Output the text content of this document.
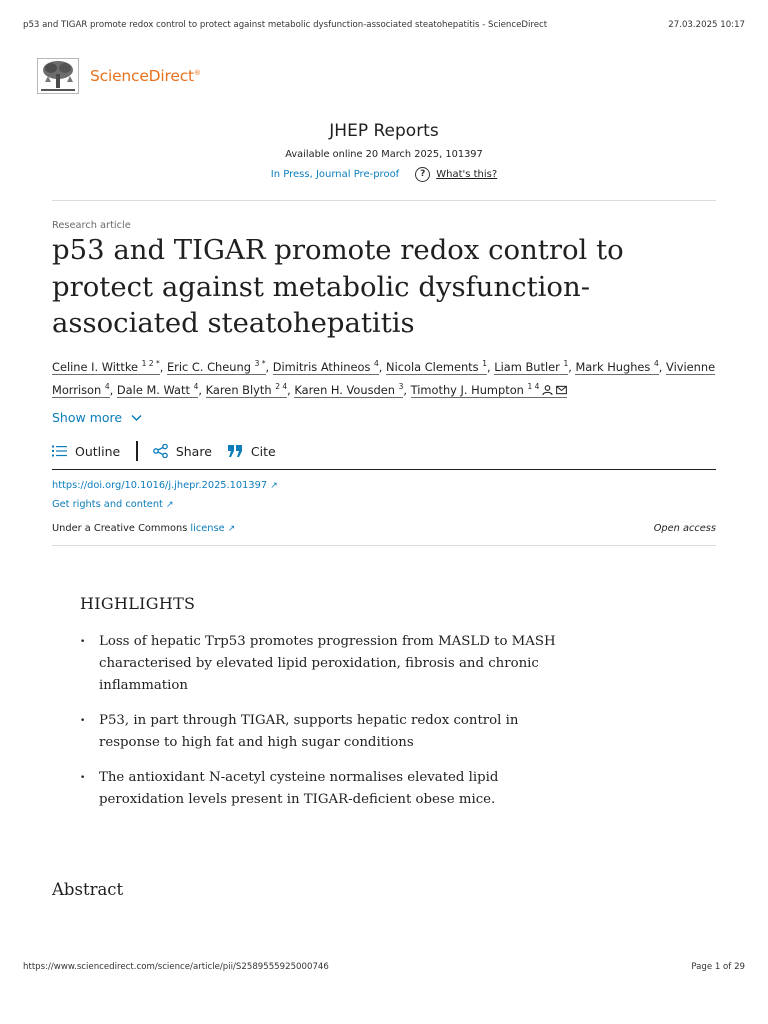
p53 and TIGAR promote redox control to protect against metabolic dysfunction-associated steatohepatitis - ScienceDirect	27.03.2025 10:17
ScienceDirect®
JHEP Reports
Available online 20 March 2025, 101397
In Press, Journal Pre-proof	?	What's this?
Research article
p53 and TIGAR promote redox control to protect against metabolic dysfunction-associated steatohepatitis
Celine I. Wittke $^{1 2 *}$, Eric C. Cheung $^{3 *}$, Dimitris Athineos $^4$, Nicola Clements $^1$, Liam Butler $^1$, Mark Hughes $^4$, Vivienne Morrison $^4$, Dale M. Watt $^4$, Karen Blyth $^{2 4}$, Karen H. Vousden $^3$, Timothy J. Humpton $^{1 4}$
Show more
Outline	Share	Cite
https://doi.org/10.1016/j.jhepr.2025.101397 ↗
Get rights and content ↗
Under a Creative Commons license ↗	Open access
HIGHLIGHTS
• Loss of hepatic Trp53 promotes progression from MASLD to MASH characterised by elevated lipid peroxidation, fibrosis and chronic inflammation
• P53, in part through TIGAR, supports hepatic redox control in response to high fat and high sugar conditions
• The antioxidant N-acetyl cysteine normalises elevated lipid peroxidation levels present in TIGAR-deficient obese mice.
Abstract
https://www.sciencedirect.com/science/article/pii/S2589555925000746	Page 1 of 29
